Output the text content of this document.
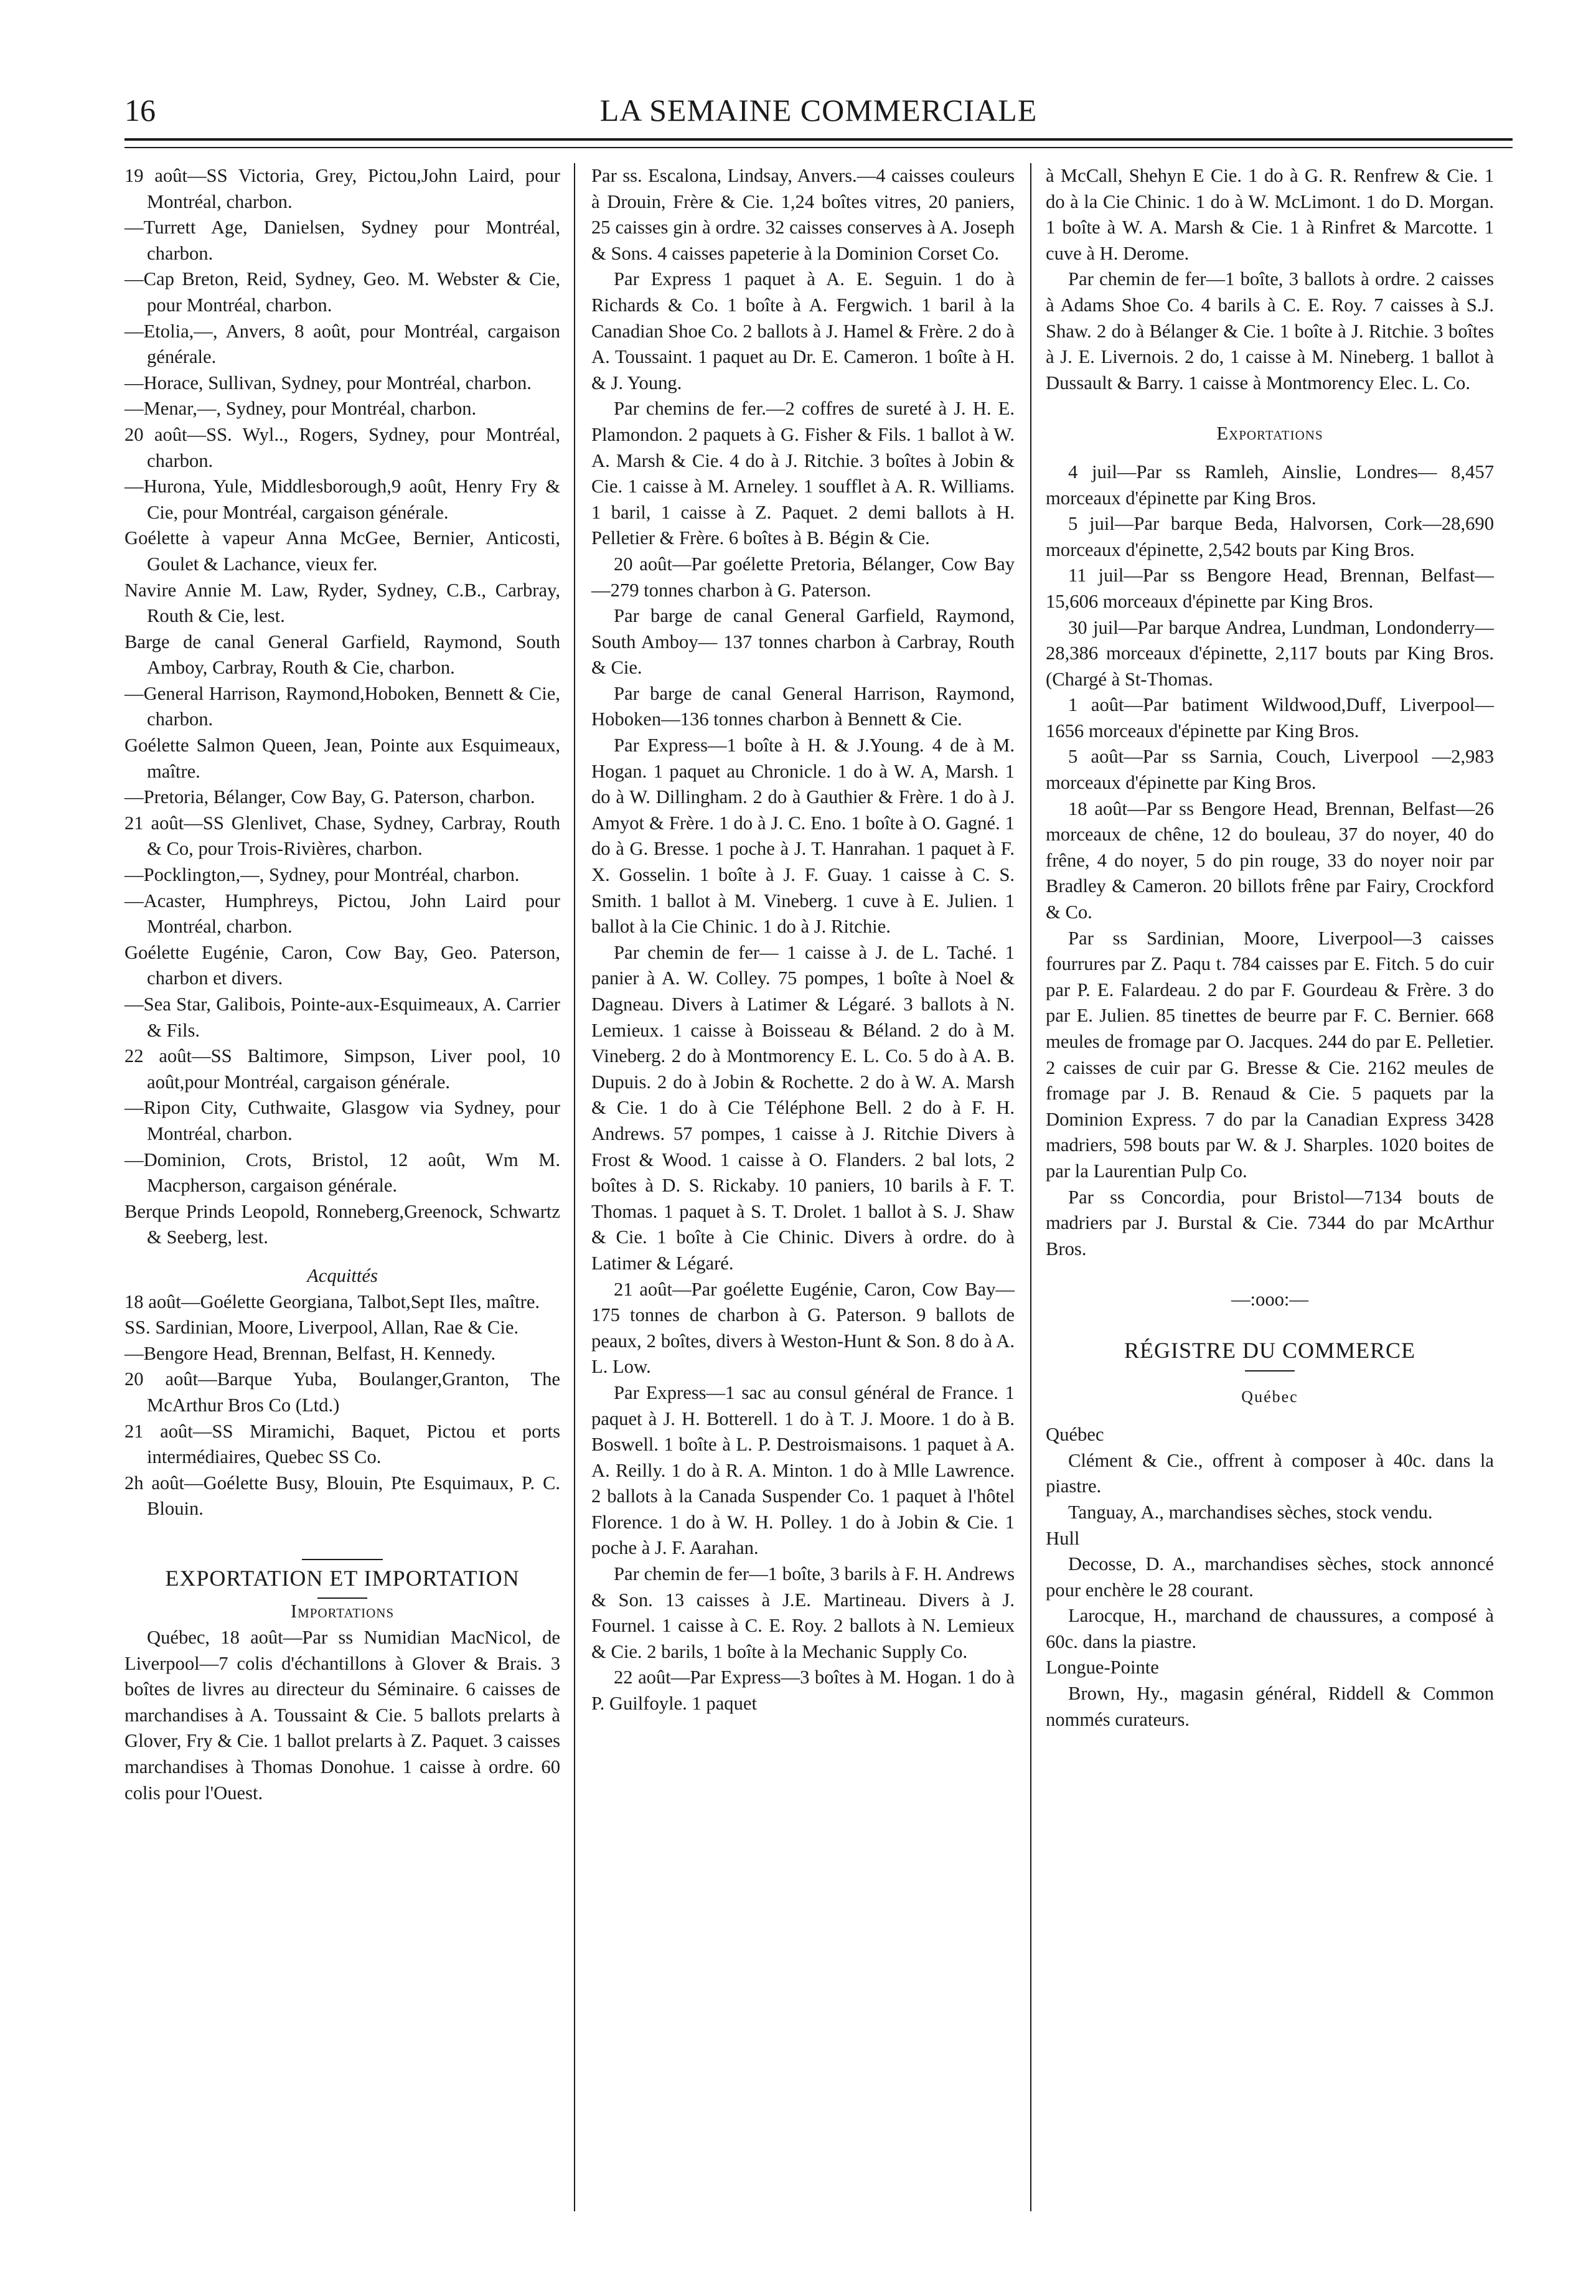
16	LA SEMAINE COMMERCIALE

19 août—SS Victoria, Grey, Pictou,John Laird, pour Montréal, charbon.

—Turrett Age, Danielsen, Sydney pour Montréal, charbon.

—Cap Breton, Reid, Sydney, Geo. M. Webster & Cie, pour Montréal, charbon.

—Etolia,—, Anvers, 8 août, pour Montréal, cargaison générale.

—Horace, Sullivan, Sydney, pour Montréal, charbon.

—Menar,—, Sydney, pour Montréal, charbon.

20 août—SS. Wyl.., Rogers, Sydney, pour Montréal, charbon.

—Hurona, Yule, Middlesborough,9 août, Henry Fry & Cie, pour Montréal, cargaison générale.

Goélette à vapeur Anna McGee, Bernier, Anticosti, Goulet & Lachance, vieux fer.

Navire Annie M. Law, Ryder, Sydney, C.B., Carbray, Routh & Cie, lest.

Barge de canal General Garfield, Raymond, South Amboy, Carbray, Routh & Cie, charbon.

—General Harrison, Raymond,Hoboken, Bennett & Cie, charbon.

Goélette Salmon Queen, Jean, Pointe aux Esquimeaux, maître.

—Pretoria, Bélanger, Cow Bay, G. Paterson, charbon.

21 août—SS Glenlivet, Chase, Sydney, Carbray, Routh & Co, pour Trois-Rivières, charbon.

—Pocklington,—, Sydney, pour Montréal, charbon.

—Acaster, Humphreys, Pictou, John Laird pour Montréal, charbon.

Goélette Eugénie, Caron, Cow Bay, Geo. Paterson, charbon et divers.

—Sea Star, Galibois, Pointe-aux-Esquimeaux, A. Carrier & Fils.

22 août—SS Baltimore, Simpson, Liver pool, 10 août,pour Montréal, cargaison générale.

—Ripon City, Cuthwaite, Glasgow via Sydney, pour Montréal, charbon.

—Dominion, Crots, Bristol, 12 août, Wm M. Macpherson, cargaison générale.

Berque Prinds Leopold, Ronneberg,Greenock, Schwartz & Seeberg, lest.

Acquittés

18 août—Goélette Georgiana, Talbot,Sept Iles, maître.

SS. Sardinian, Moore, Liverpool, Allan, Rae & Cie.

—Bengore Head, Brennan, Belfast, H. Kennedy.

20 août—Barque Yuba, Boulanger,Granton, The McArthur Bros Co (Ltd.)

21 août—SS Miramichi, Baquet, Pictou et ports intermédiaires, Quebec SS Co.

2h août—Goélette Busy, Blouin, Pte Esquimaux, P. C. Blouin.

EXPORTATION ET IMPORTATION

Importations

Québec, 18 août—Par ss Numidian MacNicol, de Liverpool—7 colis d'échantillons à Glover & Brais. 3 boîtes de livres au directeur du Séminaire. 6 caisses de marchandises à A. Toussaint & Cie. 5 ballots prelarts à Glover, Fry & Cie. 1 ballot prelarts à Z. Paquet. 3 caisses marchandises à Thomas Donohue. 1 caisse à ordre. 60 colis pour l'Ouest.

Par ss. Escalona, Lindsay, Anvers.—4 caisses couleurs à Drouin, Frère & Cie. 1,24 boîtes vitres, 20 paniers, 25 caisses gin à ordre. 32 caisses conserves à A. Joseph & Sons. 4 caisses papeterie à la Dominion Corset Co.

Par Express 1 paquet à A. E. Seguin. 1 do à Richards & Co. 1 boîte à A. Fergwich. 1 baril à la Canadian Shoe Co. 2 ballots à J. Hamel & Frère. 2 do à A. Toussaint. 1 paquet au Dr. E. Cameron. 1 boîte à H. & J. Young.

Par chemins de fer.—2 coffres de sureté à J. H. E. Plamondon. 2 paquets à G. Fisher & Fils. 1 ballot à W. A. Marsh & Cie. 4 do à J. Ritchie. 3 boîtes à Jobin & Cie. 1 caisse à M. Arneley. 1 soufflet à A. R. Williams. 1 baril, 1 caisse à Z. Paquet. 2 demi ballots à H. Pelletier & Frère. 6 boîtes à B. Bégin & Cie.

20 août—Par goélette Pretoria, Bélanger, Cow Bay—279 tonnes charbon à G. Paterson.

Par barge de canal General Garfield, Raymond, South Amboy— 137 tonnes charbon à Carbray, Routh & Cie.

Par barge de canal General Harrison, Raymond, Hoboken—136 tonnes charbon à Bennett & Cie.

Par Express—1 boîte à H. & J.Young. 4 de à M. Hogan. 1 paquet au Chronicle. 1 do à W. A, Marsh. 1 do à W. Dillingham. 2 do à Gauthier & Frère. 1 do à J. Amyot & Frère. 1 do à J. C. Eno. 1 boîte à O. Gagné. 1 do à G. Bresse. 1 poche à J. T. Hanrahan. 1 paquet à F. X. Gosselin. 1 boîte à J. F. Guay. 1 caisse à C. S. Smith. 1 ballot à M. Vineberg. 1 cuve à E. Julien. 1 ballot à la Cie Chinic. 1 do à J. Ritchie.

Par chemin de fer— 1 caisse à J. de L. Taché. 1 panier à A. W. Colley. 75 pompes, 1 boîte à Noel & Dagneau. Divers à Latimer & Légaré. 3 ballots à N. Lemieux. 1 caisse à Boisseau & Béland. 2 do à M. Vineberg. 2 do à Montmorency E. L. Co. 5 do à A. B. Dupuis. 2 do à Jobin & Rochette. 2 do à W. A. Marsh & Cie. 1 do à Cie Téléphone Bell. 2 do à F. H. Andrews. 57 pompes, 1 caisse à J. Ritchie Divers à Frost & Wood. 1 caisse à O. Flanders. 2 bal lots, 2 boîtes à D. S. Rickaby. 10 paniers, 10 barils à F. T. Thomas. 1 paquet à S. T. Drolet. 1 ballot à S. J. Shaw & Cie. 1 boîte à Cie Chinic. Divers à ordre. do à Latimer & Légaré.

21 août—Par goélette Eugénie, Caron, Cow Bay—175 tonnes de charbon à G. Paterson. 9 ballots de peaux, 2 boîtes, divers à Weston-Hunt & Son. 8 do à A. L. Low.

Par Express—1 sac au consul général de France. 1 paquet à J. H. Botterell. 1 do à T. J. Moore. 1 do à B. Boswell. 1 boîte à L. P. Destroismaisons. 1 paquet à A. A. Reilly. 1 do à R. A. Minton. 1 do à Mlle Lawrence. 2 ballots à la Canada Suspender Co. 1 paquet à l'hôtel Florence. 1 do à W. H. Polley. 1 do à Jobin & Cie. 1 poche à J. F. Aarahan.

Par chemin de fer—1 boîte, 3 barils à F. H. Andrews & Son. 13 caisses à J.E. Martineau. Divers à J. Fournel. 1 caisse à C. E. Roy. 2 ballots à N. Lemieux & Cie. 2 barils, 1 boîte à la Mechanic Supply Co.

22 août—Par Express—3 boîtes à M. Hogan. 1 do à P. Guilfoyle. 1 paquet

à McCall, Shehyn E Cie. 1 do à G. R. Renfrew & Cie. 1 do à la Cie Chinic. 1 do à W. McLimont. 1 do D. Morgan. 1 boîte à W. A. Marsh & Cie. 1 à Rinfret & Marcotte. 1 cuve à H. Derome.

Par chemin de fer—1 boîte, 3 ballots à ordre. 2 caisses à Adams Shoe Co. 4 barils à C. E. Roy. 7 caisses à S.J. Shaw. 2 do à Bélanger & Cie. 1 boîte à J. Ritchie. 3 boîtes à J. E. Livernois. 2 do, 1 caisse à M. Nineberg. 1 ballot à Dussault & Barry. 1 caisse à Montmorency Elec. L. Co.

Exportations

4 juil—Par ss Ramleh, Ainslie, Londres— 8,457 morceaux d'épinette par King Bros.

5 juil—Par barque Beda, Halvorsen, Cork—28,690 morceaux d'épinette, 2,542 bouts par King Bros.

11 juil—Par ss Bengore Head, Brennan, Belfast—15,606 morceaux d'épinette par King Bros.

30 juil—Par barque Andrea, Lundman, Londonderry— 28,386 morceaux d'épinette, 2,117 bouts par King Bros. (Chargé à St-Thomas.

1 août—Par batiment Wildwood,Duff, Liverpool—1656 morceaux d'épinette par King Bros.

5 août—Par ss Sarnia, Couch, Liverpool —2,983 morceaux d'épinette par King Bros.

18 août—Par ss Bengore Head, Brennan, Belfast—26 morceaux de chêne, 12 do bouleau, 37 do noyer, 40 do frêne, 4 do noyer, 5 do pin rouge, 33 do noyer noir par Bradley & Cameron. 20 billots frêne par Fairy, Crockford & Co.

Par ss Sardinian, Moore, Liverpool—3 caisses fourrures par Z. Paqu t. 784 caisses par E. Fitch. 5 do cuir par P. E. Falardeau. 2 do par F. Gourdeau & Frère. 3 do par E. Julien. 85 tinettes de beurre par F. C. Bernier. 668 meules de fromage par O. Jacques. 244 do par E. Pelletier. 2 caisses de cuir par G. Bresse & Cie. 2162 meules de fromage par J. B. Renaud & Cie. 5 paquets par la Dominion Express. 7 do par la Canadian Express 3428 madriers, 598 bouts par W. & J. Sharples. 1020 boites de par la Laurentian Pulp Co.

Par ss Concordia, pour Bristol—7134 bouts de madriers par J. Burstal & Cie. 7344 do par McArthur Bros.

—:ooo:—

RÉGISTRE DU COMMERCE

Québec

Québec

Clément & Cie., offrent à composer à 40c. dans la piastre.

Tanguay, A., marchandises sèches, stock vendu.

Hull

Decosse, D. A., marchandises sèches, stock annoncé pour enchère le 28 courant.

Larocque, H., marchand de chaussures, a composé à 60c. dans la piastre.

Longue-Pointe

Brown, Hy., magasin général, Riddell & Common nommés curateurs.
